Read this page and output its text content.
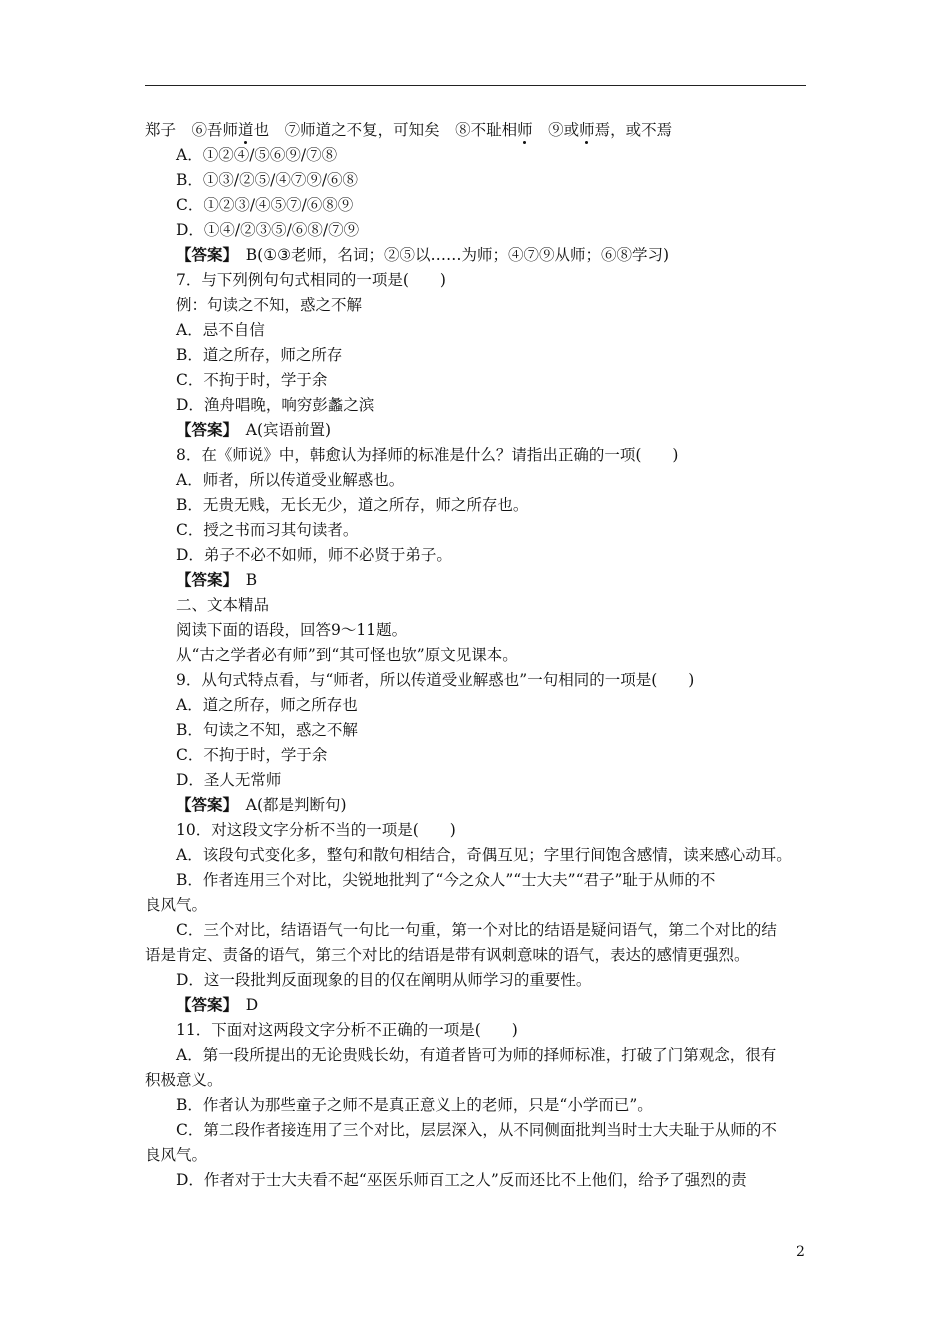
郑子　 ⑥吾师道也　⑦师道之不复，可知矣　⑧不耻相师　⑨或师焉，或不焉
A．①②④/⑤⑥⑨/⑦⑧
B．①③/②⑤/④⑦⑨/⑥⑧
C．①②③/④⑤⑦/⑥⑧⑨
D．①④/②③⑤/⑥⑧/⑦⑨
【答案】　B(①③老师，名词；②⑤以……为师；④⑦⑨从师；⑥⑧学习)
7．与下列例句句式相同的一项是(　　)
例：句读之不知，惑之不解
A．忌不自信
B．道之所存，师之所存
C．不拘于时，学于余
D．渔舟唱晚，响穷彭蠡之滨
【答案】　A(宾语前置)
8．在《师说》中，韩愈认为择师的标准是什么？请指出正确的一项(　　)
A．师者，所以传道受业解惑也。
B．无贵无贱，无长无少，道之所存，师之所存也。
C．授之书而习其句读者。
D．弟子不必不如师，师不必贤于弟子。
【答案】　B
二、文本精品
阅读下面的语段，回答9～11题。
从“古之学者必有师”到“其可怪也欤”原文见课本。
9．从句式特点看，与“师者，所以传道受业解惑也”一句相同的一项是(　　)
A．道之所存，师之所存也
B．句读之不知，惑之不解
C．不拘于时，学于余
D．圣人无常师
【答案】　A(都是判断句)
10．对这段文字分析不当的一项是(　　)
A．该段句式变化多，整句和散句相结合，奇偶互见；字里行间饱含感情，读来感心动耳。
B．作者连用三个对比，尖锐地批判了“今之众人”“士大夫”“君子”耻于从师的不
良风气。
C．三个对比，结语语气一句比一句重，第一个对比的结语是疑问语气，第二个对比的结
语是肯定、责备的语气，第三个对比的结语是带有讽刺意味的语气，表达的感情更强烈。
D．这一段批判反面现象的目的仅在阐明从师学习的重要性。
【答案】　D
11．下面对这两段文字分析不正确的一项是(　　)
A．第一段所提出的无论贵贱长幼，有道者皆可为师的择师标准，打破了门第观念，很有
积极意义。
B．作者认为那些童子之师不是真正意义上的老师，只是“小学而已”。
C．第二段作者接连用了三个对比，层层深入，从不同侧面批判当时士大夫耻于从师的不
良风气。
D．作者对于士大夫看不起“巫医乐师百工之人”反而还比不上他们，给予了强烈的责
2
